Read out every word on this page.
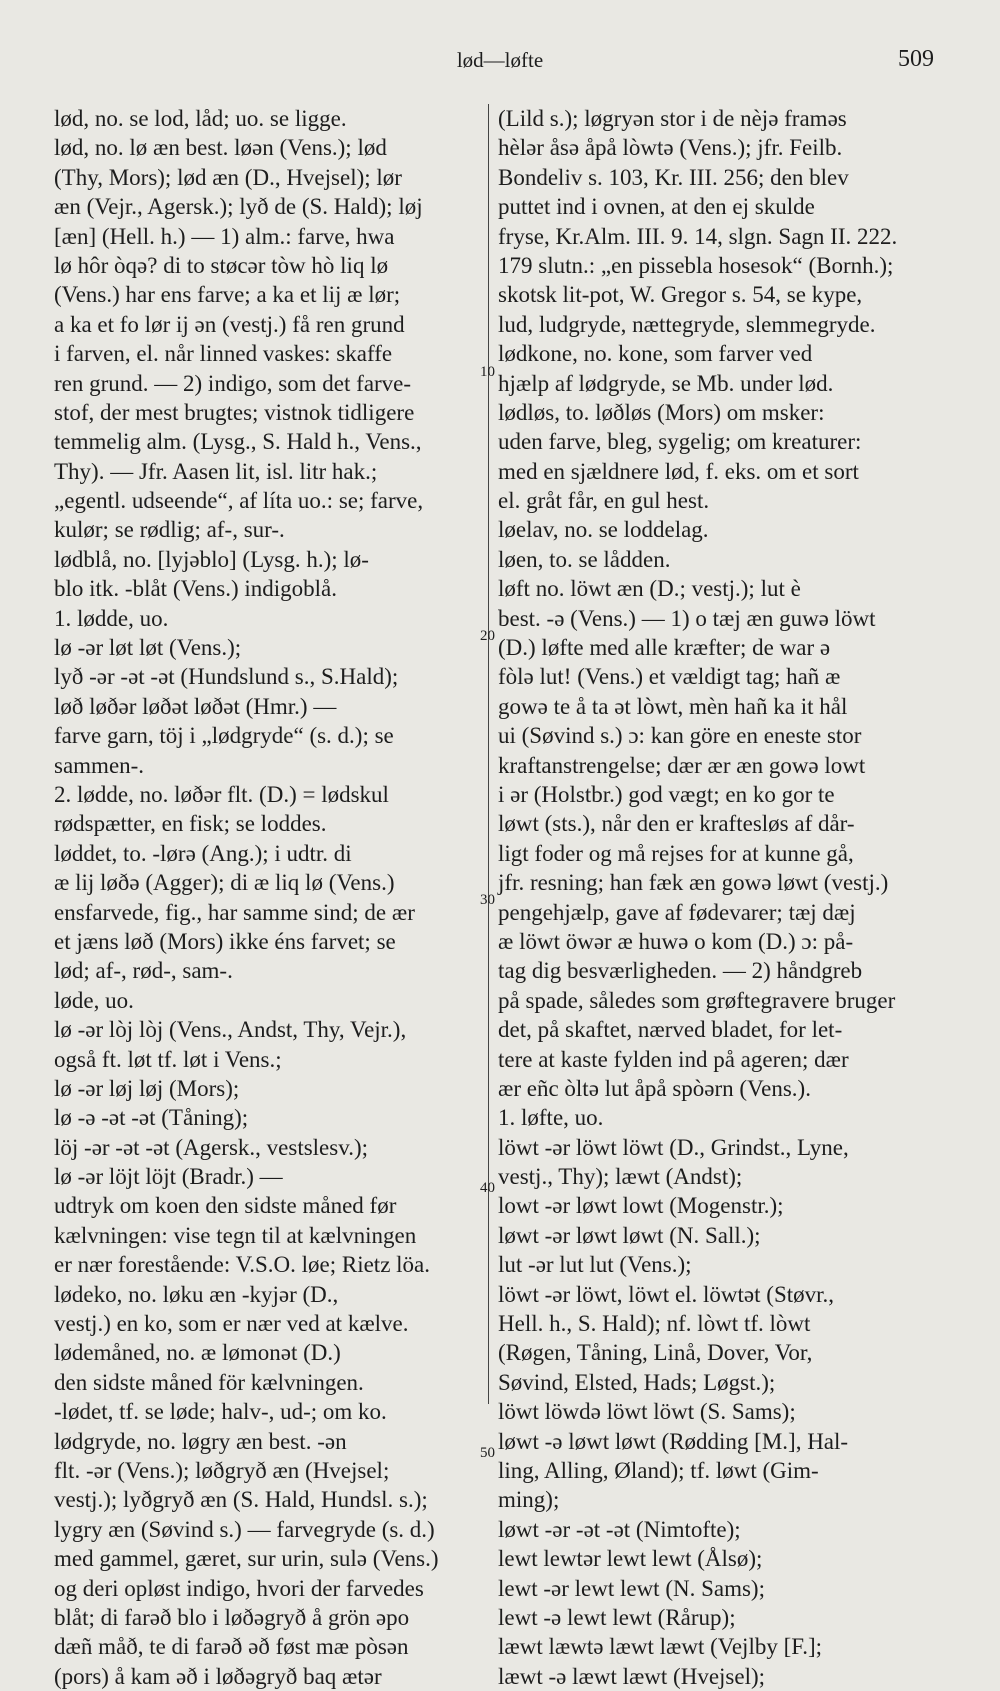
lød—løfte	509
lød, no. se lod, låd; uo. se ligge.
lød, no. lø æn best. løən (Vens.); lød
(Thy, Mors); lød æn (D., Hvejsel); lør
æn (Vejr., Agersk.); lyð de (S. Hald); løj
[æn] (Hell. h.) — 1) alm.: farve, hwa
lø hôr òqə? di to støcər tòw hò liq lø
(Vens.) har ens farve; a ka et lij æ lør;
a ka et fo lør ij ən (vestj.) få ren grund
i farven, el. når linned vaskes: skaffe
ren grund. — 2) indigo, som det farve-
stof, der mest brugtes; vistnok tidligere
temmelig alm. (Lysg., S. Hald h., Vens.,
Thy). — Jfr. Aasen lit, isl. litr hak.;
„egentl. udseende“, af líta uo.: se; farve,
kulør; se rødlig; af-, sur-.
lødblå, no. [lyjəblo] (Lysg. h.); lø-
blo itk. -blåt (Vens.) indigoblå.
1. lødde, uo.
lø -ər løt løt (Vens.);
lyð -ər -ət -ət (Hundslund s., S.Hald);
løð løðər løðət løðət (Hmr.) —
farve garn, töj i „lødgryde“ (s. d.); se
sammen-.
2. lødde, no. løðər flt. (D.) = lødskul
rødspætter, en fisk; se loddes.
løddet, to. -lørə (Ang.); i udtr. di
æ lij løðə (Agger); di æ liq lø (Vens.)
ensfarvede, fig., har samme sind; de ær
et jæns løð (Mors) ikke éns farvet; se
lød; af-, rød-, sam-.
løde, uo.
lø -ər lòj lòj (Vens., Andst, Thy, Vejr.),
også ft. løt tf. løt i Vens.;
lø -ər løj løj (Mors);
lø -ə -ət -ət (Tåning);
löj -ər -ət -ət (Agersk., vestslesv.);
lø -ər löjt löjt (Bradr.) —
udtryk om koen den sidste måned før
kælvningen: vise tegn til at kælvningen
er nær forestående: V.S.O. løe; Rietz löa.
lødeko, no. løku æn -kyjər (D.,
vestj.) en ko, som er nær ved at kælve.
lødemåned, no. æ lømonət (D.)
den sidste måned för kælvningen.
-lødet, tf. se løde; halv-, ud-; om ko.
lødgryde, no. løgry æn best. -ən
flt. -ər (Vens.); løðgryð æn (Hvejsel;
vestj.); lyðgryð æn (S. Hald, Hundsl. s.);
lygry æn (Søvind s.) — farvegryde (s. d.)
med gammel, gæret, sur urin, sulə (Vens.)
og deri opløst indigo, hvori der farvedes
blåt; di farəð blo i løðəgryð å grön əpo
dæñ måð, te di farəð əð føst mæ pòsən
(pors) å kam əð i løðəgryð baq ætər
(Lild s.); løgryən stor i de nèjə framəs
hèlər åsə åpå lòwtə (Vens.); jfr. Feilb.
Bondeliv s. 103, Kr. III. 256; den blev
puttet ind i ovnen, at den ej skulde
fryse, Kr.Alm. III. 9. 14, slgn. Sagn II. 222.
179 slutn.: „en pissebla hosesok“ (Bornh.);
skotsk lit-pot, W. Gregor s. 54, se kype,
lud, ludgryde, nættegryde, slemmegryde.
lødkone, no. kone, som farver ved
hjælp af lødgryde, se Mb. under lød.
lødløs, to. løðløs (Mors) om msker:
uden farve, bleg, sygelig; om kreaturer:
med en sjældnere lød, f. eks. om et sort
el. gråt får, en gul hest.
løelav, no. se loddelag.
løen, to. se lådden.
løft no. löwt æn (D.; vestj.); lut è
best. -ə (Vens.) — 1) o tæj æn guwə löwt
(D.) løfte med alle kræfter; de war ə
fòlə lut! (Vens.) et vældigt tag; hañ æ
gowə te å ta ət lòwt, mèn hañ ka it hål
ui (Søvind s.) ɔ: kan göre en eneste stor
kraftanstrengelse; dær ær æn gowə lowt
i ər (Holstbr.) god vægt; en ko gor te
løwt (sts.), når den er kraftesløs af dår-
ligt foder og må rejses for at kunne gå,
jfr. resning; han fæk æn gowə løwt (vestj.)
pengehjælp, gave af fødevarer; tæj dæj
æ löwt öwər æ huwə o kom (D.) ɔ: på-
tag dig besværligheden. — 2) håndgreb
på spade, således som grøftegravere bruger
det, på skaftet, nærved bladet, for let-
tere at kaste fylden ind på ageren; dær
ær eñc òltə lut åpå spòərn (Vens.).
1. løfte, uo.
löwt -ər löwt löwt (D., Grindst., Lyne,
vestj., Thy); læwt (Andst);
lowt -ər løwt lowt (Mogenstr.);
løwt -ər løwt løwt (N. Sall.);
lut -ər lut lut (Vens.);
löwt -ər löwt, löwt el. löwtət (Støvr.,
Hell. h., S. Hald); nf. lòwt tf. lòwt
(Røgen, Tåning, Linå, Dover, Vor,
Søvind, Elsted, Hads; Løgst.);
löwt löwdə löwt löwt (S. Sams);
løwt -ə løwt løwt (Rødding [M.], Hal-
ling, Alling, Øland); tf. løwt (Gim-
ming);
løwt -ər -ət -ət (Nimtofte);
lewt lewtər lewt lewt (Ålsø);
lewt -ər lewt lewt (N. Sams);
lewt -ə lewt lewt (Rårup);
læwt læwtə læwt læwt (Vejlby [F.];
læwt -ə læwt læwt (Hvejsel);
10
20
30
40
50
